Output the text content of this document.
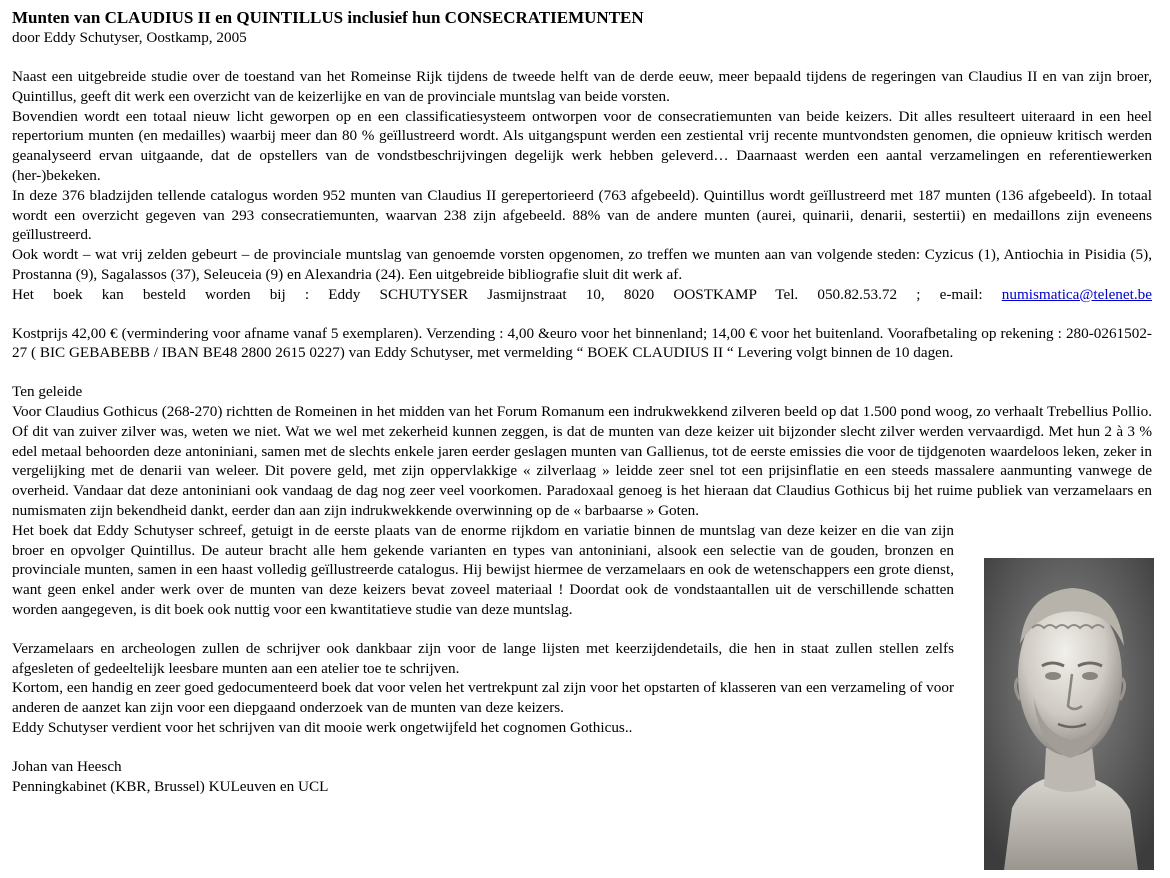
Munten van CLAUDIUS II en QUINTILLUS inclusief hun CONSECRATIEMUNTEN
door Eddy Schutyser, Oostkamp, 2005

Naast een uitgebreide studie over de toestand van het Romeinse Rijk tijdens de tweede helft van de derde eeuw, meer bepaald tijdens de regeringen van Claudius II en van zijn broer, Quintillus, geeft dit werk een overzicht van de keizerlijke en van de provinciale muntslag van beide vorsten.

Bovendien wordt een totaal nieuw licht geworpen op en een classificatiesysteem ontworpen voor de consecratiemunten van beide keizers. Dit alles resulteert uiteraard in een heel repertorium munten (en medailles) waarbij meer dan 80 % geïllustreerd wordt. Als uitgangspunt werden een zestiental vrij recente muntvondsten genomen, die opnieuw kritisch werden geanalyseerd ervan uitgaande, dat de opstellers van de vondstbeschrijvingen degelijk werk hebben geleverd… Daarnaast werden een aantal verzamelingen en referentiewerken (her-)bekeken.

In deze 376 bladzijden tellende catalogus worden 952 munten van Claudius II gerepertorieerd (763 afgebeeld). Quintillus wordt geïllustreerd met 187 munten (136 afgebeeld). In totaal wordt een overzicht gegeven van 293 consecratiemunten, waarvan 238 zijn afgebeeld. 88% van de andere munten (aurei, quinarii, denarii, sestertii) en medaillons zijn eveneens geïllustreerd.

Ook wordt – wat vrij zelden gebeurt – de provinciale muntslag van genoemde vorsten opgenomen, zo treffen we munten aan van volgende steden: Cyzicus (1), Antiochia in Pisidia (5), Prostanna (9), Sagalassos (37), Seleuceia (9) en Alexandria (24). Een uitgebreide bibliografie sluit dit werk af.

Het boek kan besteld worden bij : Eddy SCHUTYSER Jasmijnstraat 10, 8020 OOSTKAMP Tel. 050.82.53.72 ; e-mail: numismatica@telenet.be

Kostprijs 42,00 € (vermindering voor afname vanaf 5 exemplaren). Verzending : 4,00 &euro voor het binnenland; 14,00 € voor het buitenland. Voorafbetaling op rekening : 280-0261502-27 ( BIC GEBABEBB / IBAN BE48 2800 2615 0227) van Eddy Schutyser, met vermelding “ BOEK CLAUDIUS II “ Levering volgt binnen de 10 dagen.

Ten geleide

Voor Claudius Gothicus (268-270) richtten de Romeinen in het midden van het Forum Romanum een indrukwekkend zilveren beeld op dat 1.500 pond woog, zo verhaalt Trebellius Pollio. Of dit van zuiver zilver was, weten we niet. Wat we wel met zekerheid kunnen zeggen, is dat de munten van deze keizer uit bijzonder slecht zilver werden vervaardigd. Met hun 2 à 3 % edel metaal behoorden deze antoniniani, samen met de slechts enkele jaren eerder geslagen munten van Gallienus, tot de eerste emissies die voor de tijdgenoten waardeloos leken, zeker in vergelijking met de denarii van weleer. Dit povere geld, met zijn oppervlakkige « zilverlaag » leidde zeer snel tot een prijsinflatie en een steeds massalere aanmunting vanwege de overheid. Vandaar dat deze antoniniani ook vandaag de dag nog zeer veel voorkomen. Paradoxaal genoeg is het hieraan dat Claudius Gothicus bij het ruime publiek van verzamelaars en numismaten zijn bekendheid dankt, eerder dan aan zijn indrukwekkende overwinning op de « barbaarse » Goten.

Het boek dat Eddy Schutyser schreef, getuigt in de eerste plaats van de enorme rijkdom en variatie binnen de muntslag van deze keizer en die van zijn broer en opvolger Quintillus. De auteur bracht alle hem gekende varianten en types van antoniniani, alsook een selectie van de gouden, bronzen en provinciale munten, samen in een haast volledig geïllustreerde catalogus. Hij bewijst hiermee de verzamelaars en ook de wetenschappers een grote dienst, want geen enkel ander werk over de munten van deze keizers bevat zoveel materiaal ! Doordat ook de vondstaantallen uit de verschillende schatten worden aangegeven, is dit boek ook nuttig voor een kwantitatieve studie van deze muntslag.

Verzamelaars en archeologen zullen de schrijver ook dankbaar zijn voor de lange lijsten met keerzijdendetails, die hen in staat zullen stellen zelfs afgesleten of gedeeltelijk leesbare munten aan een atelier toe te schrijven.

Kortom, een handig en zeer goed gedocumenteerd boek dat voor velen het vertrekpunt zal zijn voor het opstarten of klasseren van een verzameling of voor anderen de aanzet kan zijn voor een diepgaand onderzoek van de munten van deze keizers.

Eddy Schutyser verdient voor het schrijven van dit mooie werk ongetwijfeld het cognomen Gothicus..

Johan van Heesch

Penningkabinet (KBR, Brussel) KULeuven en UCL
